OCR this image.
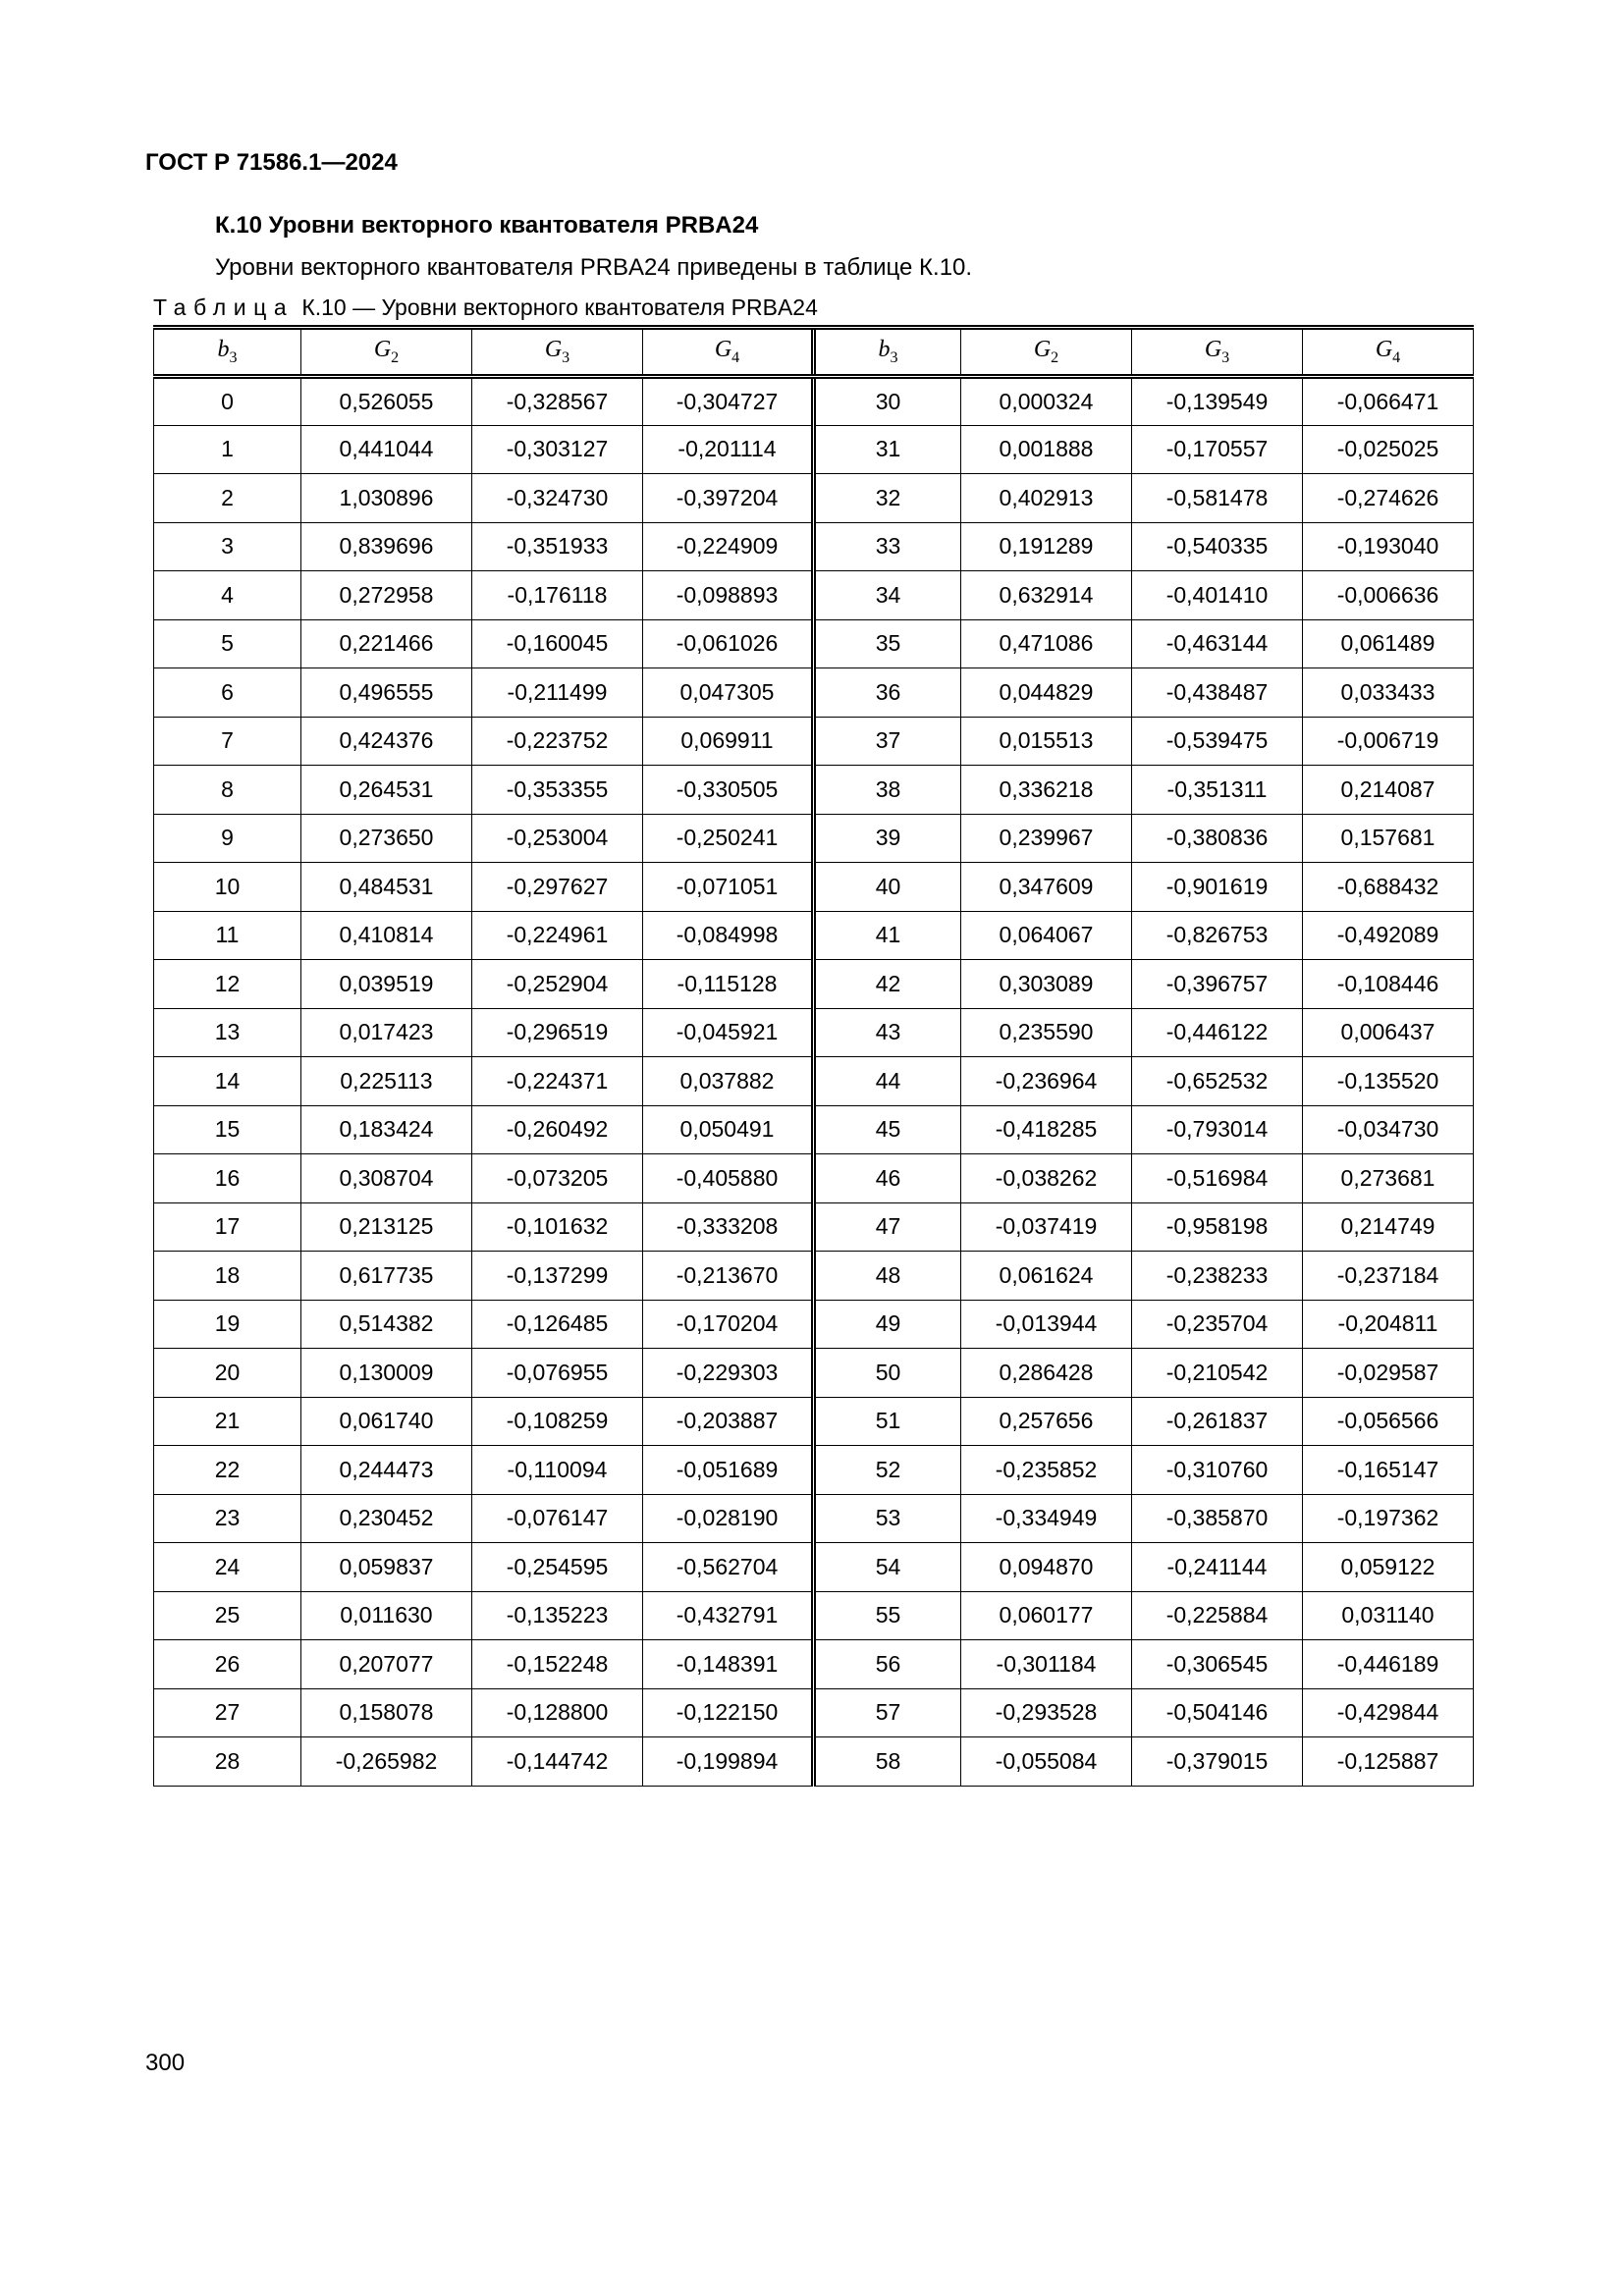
ГОСТ Р 71586.1—2024
К.10 Уровни векторного квантователя PRBA24
Уровни векторного квантователя PRBA24 приведены в таблице К.10.
Таблица К.10 — Уровни векторного квантователя PRBA24
$b_3$	$G_2$	$G_3$	$G_4$	$b_3$	$G_2$	$G_3$	$G_4$
0	0,526055	-0,328567	-0,304727	30	0,000324	-0,139549	-0,066471
1	0,441044	-0,303127	-0,201114	31	0,001888	-0,170557	-0,025025
2	1,030896	-0,324730	-0,397204	32	0,402913	-0,581478	-0,274626
3	0,839696	-0,351933	-0,224909	33	0,191289	-0,540335	-0,193040
4	0,272958	-0,176118	-0,098893	34	0,632914	-0,401410	-0,006636
5	0,221466	-0,160045	-0,061026	35	0,471086	-0,463144	0,061489
6	0,496555	-0,211499	0,047305	36	0,044829	-0,438487	0,033433
7	0,424376	-0,223752	0,069911	37	0,015513	-0,539475	-0,006719
8	0,264531	-0,353355	-0,330505	38	0,336218	-0,351311	0,214087
9	0,273650	-0,253004	-0,250241	39	0,239967	-0,380836	0,157681
10	0,484531	-0,297627	-0,071051	40	0,347609	-0,901619	-0,688432
11	0,410814	-0,224961	-0,084998	41	0,064067	-0,826753	-0,492089
12	0,039519	-0,252904	-0,115128	42	0,303089	-0,396757	-0,108446
13	0,017423	-0,296519	-0,045921	43	0,235590	-0,446122	0,006437
14	0,225113	-0,224371	0,037882	44	-0,236964	-0,652532	-0,135520
15	0,183424	-0,260492	0,050491	45	-0,418285	-0,793014	-0,034730
16	0,308704	-0,073205	-0,405880	46	-0,038262	-0,516984	0,273681
17	0,213125	-0,101632	-0,333208	47	-0,037419	-0,958198	0,214749
18	0,617735	-0,137299	-0,213670	48	0,061624	-0,238233	-0,237184
19	0,514382	-0,126485	-0,170204	49	-0,013944	-0,235704	-0,204811
20	0,130009	-0,076955	-0,229303	50	0,286428	-0,210542	-0,029587
21	0,061740	-0,108259	-0,203887	51	0,257656	-0,261837	-0,056566
22	0,244473	-0,110094	-0,051689	52	-0,235852	-0,310760	-0,165147
23	0,230452	-0,076147	-0,028190	53	-0,334949	-0,385870	-0,197362
24	0,059837	-0,254595	-0,562704	54	0,094870	-0,241144	0,059122
25	0,011630	-0,135223	-0,432791	55	0,060177	-0,225884	0,031140
26	0,207077	-0,152248	-0,148391	56	-0,301184	-0,306545	-0,446189
27	0,158078	-0,128800	-0,122150	57	-0,293528	-0,504146	-0,429844
28	-0,265982	-0,144742	-0,199894	58	-0,055084	-0,379015	-0,125887
300
